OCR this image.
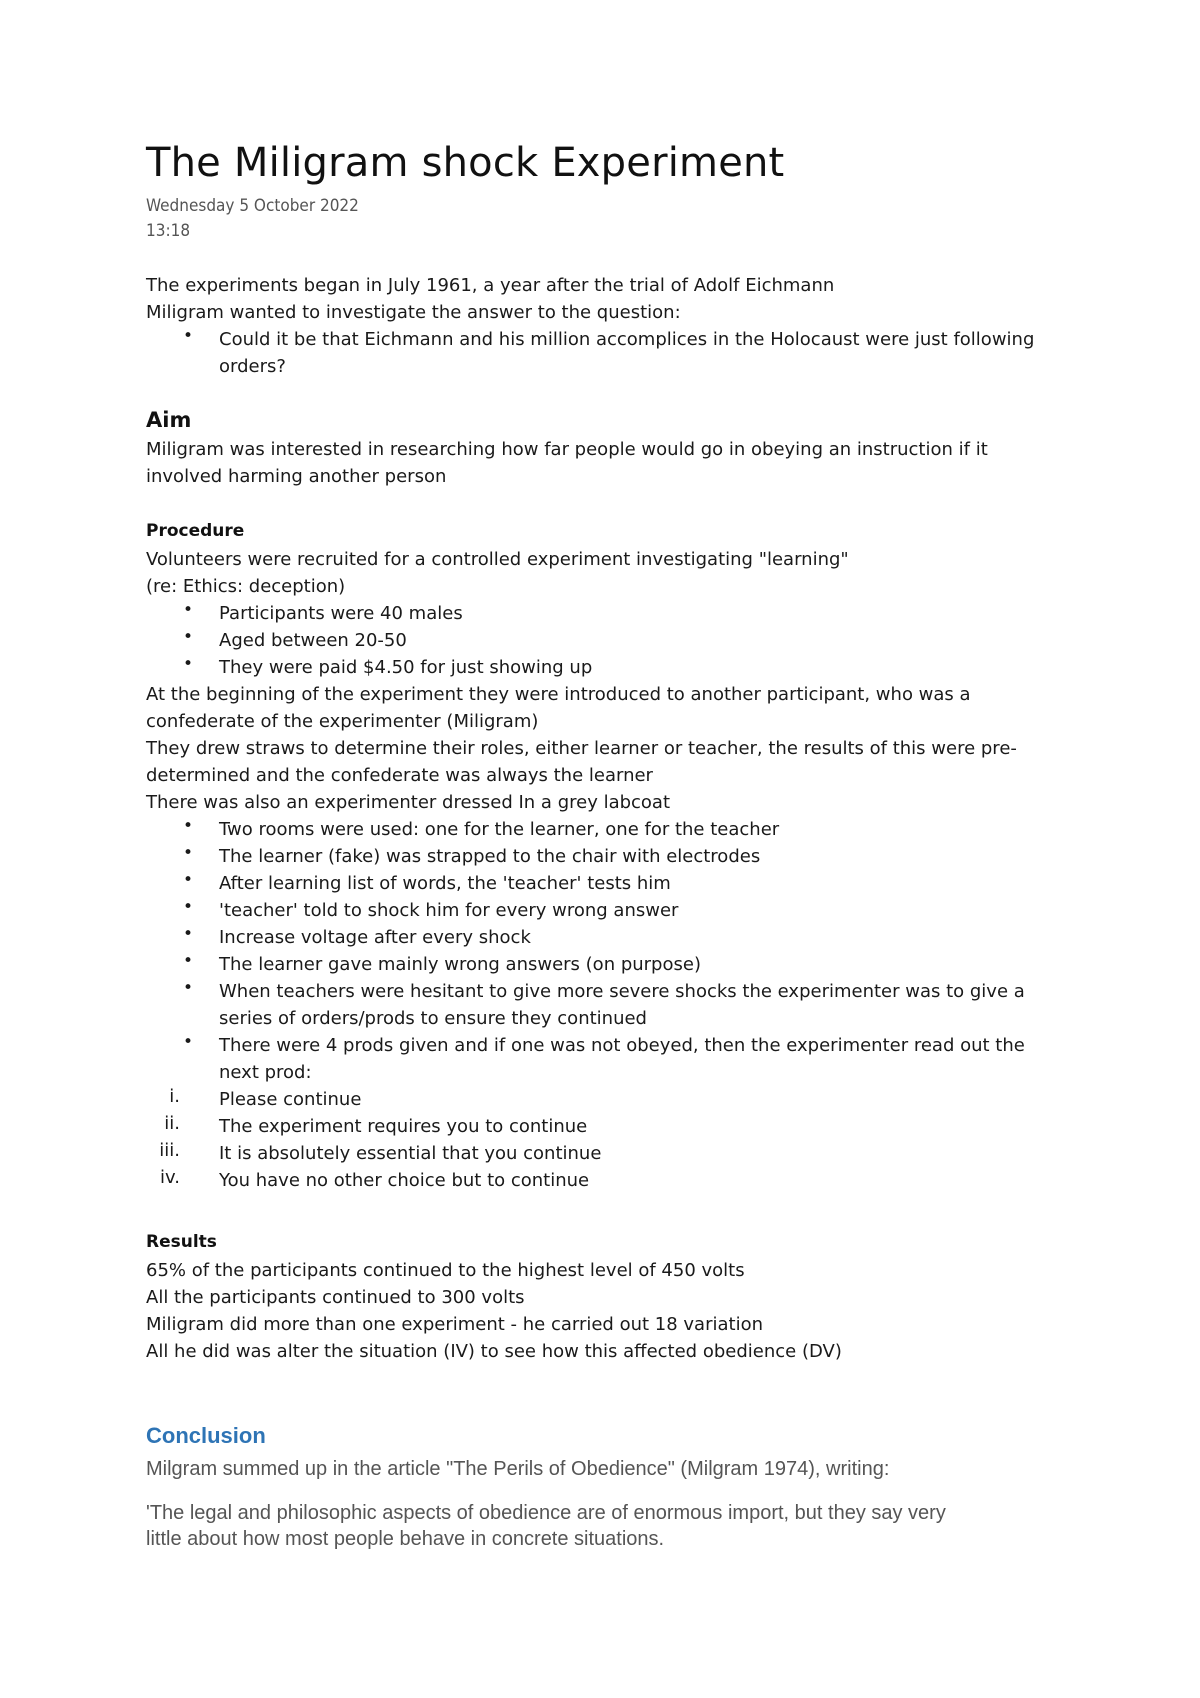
The Miligram shock Experiment
Wednesday 5 October 2022
13:18
The experiments began in July 1961, a year after the trial of Adolf Eichmann
Miligram wanted to investigate the answer to the question:
• Could it be that Eichmann and his million accomplices in the Holocaust were just following
orders?
Aim
Miligram was interested in researching how far people would go in obeying an instruction if it
involved harming another person
Procedure
Volunteers were recruited for a controlled experiment investigating "learning"
(re: Ethics: deception)
• Participants were 40 males
• Aged between 20-50
• They were paid $4.50 for just showing up
At the beginning of the experiment they were introduced to another participant, who was a
confederate of the experimenter (Miligram)
They drew straws to determine their roles, either learner or teacher, the results of this were pre-
determined and the confederate was always the learner
There was also an experimenter dressed In a grey labcoat
• Two rooms were used: one for the learner, one for the teacher
• The learner (fake) was strapped to the chair with electrodes
• After learning list of words, the 'teacher' tests him
• 'teacher' told to shock him for every wrong answer
• Increase voltage after every shock
• The learner gave mainly wrong answers (on purpose)
• When teachers were hesitant to give more severe shocks the experimenter was to give a
series of orders/prods to ensure they continued
• There were 4 prods given and if one was not obeyed, then the experimenter read out the
next prod:
i. Please continue
ii. The experiment requires you to continue
iii. It is absolutely essential that you continue
iv. You have no other choice but to continue
Results
65% of the participants continued to the highest level of 450 volts
All the participants continued to 300 volts
Miligram did more than one experiment - he carried out 18 variation
All he did was alter the situation (IV) to see how this affected obedience (DV)
Conclusion
Milgram summed up in the article "The Perils of Obedience" (Milgram 1974), writing:
'The legal and philosophic aspects of obedience are of enormous import, but they say very
little about how most people behave in concrete situations.
